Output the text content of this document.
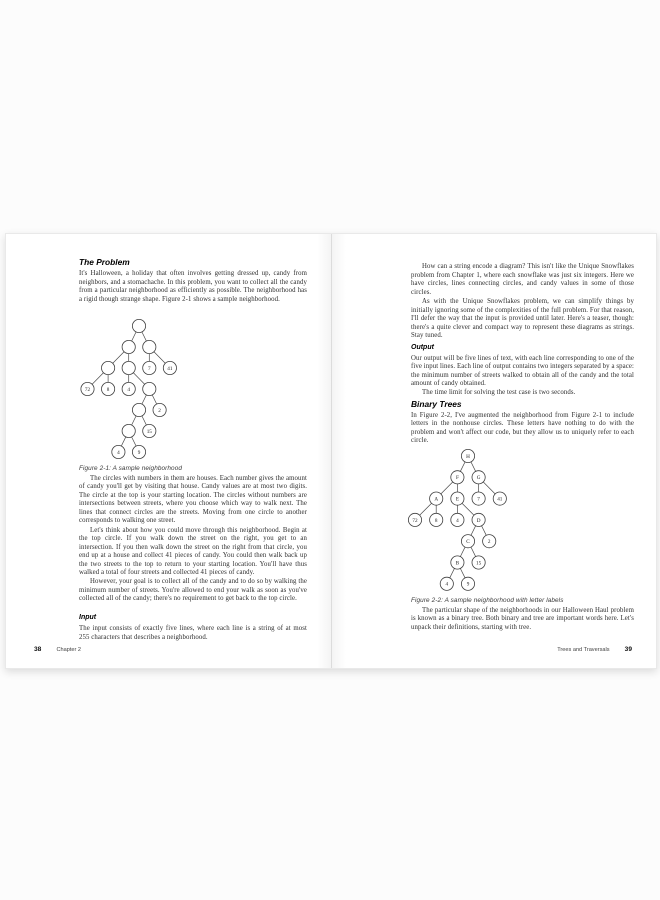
The Problem
It's Halloween, a holiday that often involves getting dressed up, candy from neighbors, and a stomachache. In this problem, you want to collect all the candy from a particular neighborhood as efficiently as possible. The neighborhood has a rigid though strange shape. Figure 2-1 shows a sample neighborhood.
7	41
72	8	4
2
15
4	9
Figure 2-1: A sample neighborhood
The circles with numbers in them are houses. Each number gives the amount of candy you'll get by visiting that house. Candy values are at most two digits. The circle at the top is your starting location. The circles without numbers are intersections between streets, where you choose which way to walk next. The lines that connect circles are the streets. Moving from one circle to another corresponds to walking one street.
Let's think about how you could move through this neighborhood. Begin at the top circle. If you walk down the street on the right, you get to an intersection. If you then walk down the street on the right from that circle, you end up at a house and collect 41 pieces of candy. You could then walk back up the two streets to the top to return to your starting location. You'll have thus walked a total of four streets and collected 41 pieces of candy.
However, your goal is to collect all of the candy and to do so by walking the minimum number of streets. You're allowed to end your walk as soon as you've collected all of the candy; there's no requirement to get back to the top circle.
Input
The input consists of exactly five lines, where each line is a string of at most 255 characters that describes a neighborhood.
38	Chapter 2
How can a string encode a diagram? This isn't like the Unique Snowflakes problem from Chapter 1, where each snowflake was just six integers. Here we have circles, lines connecting circles, and candy values in some of those circles.
As with the Unique Snowflakes problem, we can simplify things by initially ignoring some of the complexities of the full problem. For that reason, I'll defer the way that the input is provided until later. Here's a teaser, though: there's a quite clever and compact way to represent these diagrams as strings. Stay tuned.
Output
Our output will be five lines of text, with each line corresponding to one of the five input lines. Each line of output contains two integers separated by a space: the minimum number of streets walked to obtain all of the candy and the total amount of candy obtained.
The time limit for solving the test case is two seconds.
Binary Trees
In Figure 2-2, I've augmented the neighborhood from Figure 2-1 to include letters in the nonhouse circles. These letters have nothing to do with the problem and won't affect our code, but they allow us to uniquely refer to each circle.
H
F	G
A	E	7	41
72	8	4	D
C	2
B	15
4	9
Figure 2-2: A sample neighborhood with letter labels
The particular shape of the neighborhoods in our Halloween Haul problem is known as a binary tree. Both binary and tree are important words here. Let's unpack their definitions, starting with tree.
Trees and Traversals 39
